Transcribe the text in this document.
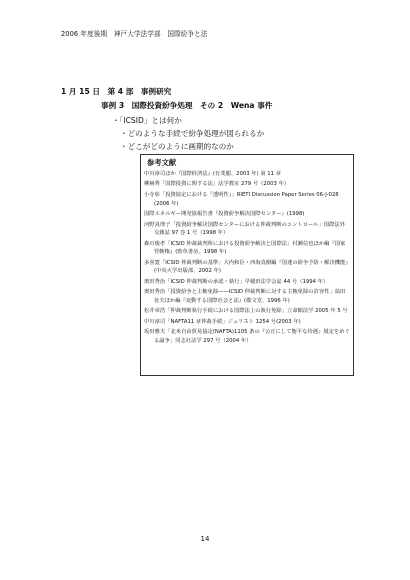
2006 年度後期　神戸大学法学部　国際紛争と法
1 月 15 日　第 4 部　事例研究
事例 3　国際投資紛争処理　その 2　Wena 事件
・「ICSID」とは何か
・どのような手続で紛争処理が図られるか
・どこがどのように画期的なのか
参考文献
中川淳司ほか『国際経済法』(有斐閣、2003 年) 第 11 章
柳赫秀「国際投資に関する法」法学教室 279 号（2003 年）
小寺彰「投資協定における『透明性』」RIETI Discussion Paper Series 06-J-028 (2006 年)
国際エネルギー開発協報告書『投資紛争解決国際センター』(1998)
河野真理子「投資紛争解決国際センターにおける仲裁判断のコントロール」国際法外交雑誌 97 巻 1 号（1998 年）
森川俊孝「ICSID 仲裁裁判所における投資紛争解決と国際法」村瀬信也ほか編『国家管轄権』(勁草書房、1998 年)
多喜寛「ICSID 仲裁判断の基準」大内和臣・西海真樹編『国連の紛争予防・解決機能』(中央大学出版部、2002 年)
奥田秀治「ICSID 仲裁判断の承認・執行」早稲田法学会誌 44 号（1994 年）
奥田秀治「投資紛争と主権免除——ICSID 仲裁判断に対する主権免除の許容性」島田征夫ほか編『変動する国際社会と法』(敬文堂、1996 年)
松井章浩「仲裁判断執行手続における国際法上の執行免除」立命館法学 2005 年 5 号
中川淳司「NAFTA11 章仲裁手続」ジュリスト 1254 号(2003 年)
坂田雅夫「北米自由貿易協定(NAFTA)1105 条の『公正にして衡平な待遇』規定をめぐる論争」同志社法学 297 号（2004 年）
14
